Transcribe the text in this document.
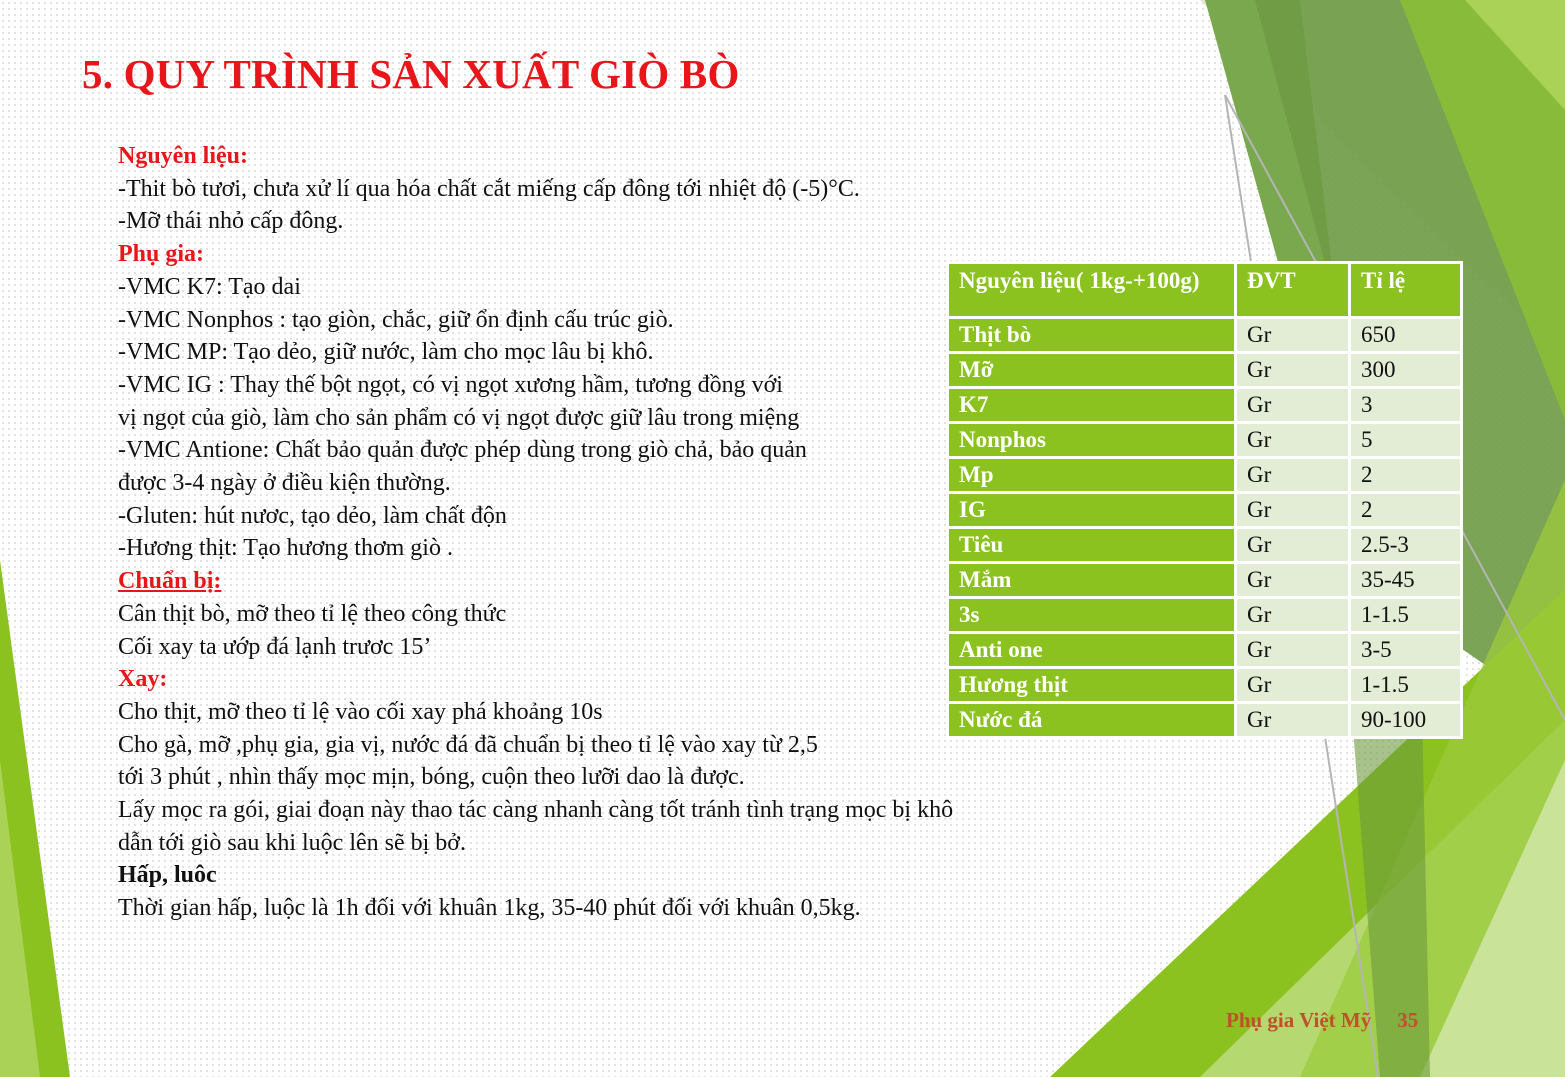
5. QUY TRÌNH SẢN XUẤT GIÒ BÒ
Nguyên liệu:
-Thit bò tươi, chưa xử lí qua hóa chất cắt miếng cấp đông tới nhiệt độ (-5)°C.
-Mỡ thái nhỏ cấp đông.
Phụ gia:
-VMC K7: Tạo dai
-VMC Nonphos : tạo giòn, chắc, giữ ổn định cấu trúc giò.
-VMC MP: Tạo dẻo, giữ nước, làm cho mọc lâu bị khô.
-VMC IG : Thay thế bột ngọt, có vị ngọt xương hầm, tương đồng với
vị ngọt của giò, làm cho sản phẩm có vị ngọt được giữ lâu trong miệng
-VMC Antione: Chất bảo quản được phép dùng trong giò chả, bảo quản
được 3-4 ngày ở điều kiện thường.
-Gluten: hút nươc, tạo dẻo, làm chất độn
-Hương thịt: Tạo hương thơm giò .
Chuẩn bị:
Cân thịt bò, mỡ theo tỉ lệ theo công thức
Cối xay ta ướp đá lạnh trươc 15’
Xay:
Cho thịt, mỡ theo tỉ lệ vào cối xay phá khoảng 10s
Cho gà, mỡ ,phụ gia, gia vị, nước đá đã chuẩn bị theo tỉ lệ vào xay từ 2,5
tới 3 phút , nhìn thấy mọc mịn, bóng, cuộn theo lưỡi dao là được.
Lấy mọc ra gói, giai đoạn này thao tác càng nhanh càng tốt tránh tình trạng mọc bị khô
dẫn tới giò sau khi luộc lên sẽ bị bở.
Hấp, luôc
Thời gian hấp, luộc là 1h đối với khuân 1kg, 35-40 phút đối với khuân 0,5kg.
Nguyên liệu( 1kg-+100g)	ĐVT	Tỉ lệ
Thịt bò	Gr	650
Mỡ	Gr	300
K7	Gr	3
Nonphos	Gr	5
Mp	Gr	2
IG	Gr	2
Tiêu	Gr	2.5-3
Mắm	Gr	35-45
3s	Gr	1-1.5
Anti one	Gr	3-5
Hương thịt	Gr	1-1.5
Nước đá	Gr	90-100
Phụ gia Việt Mỹ 35
